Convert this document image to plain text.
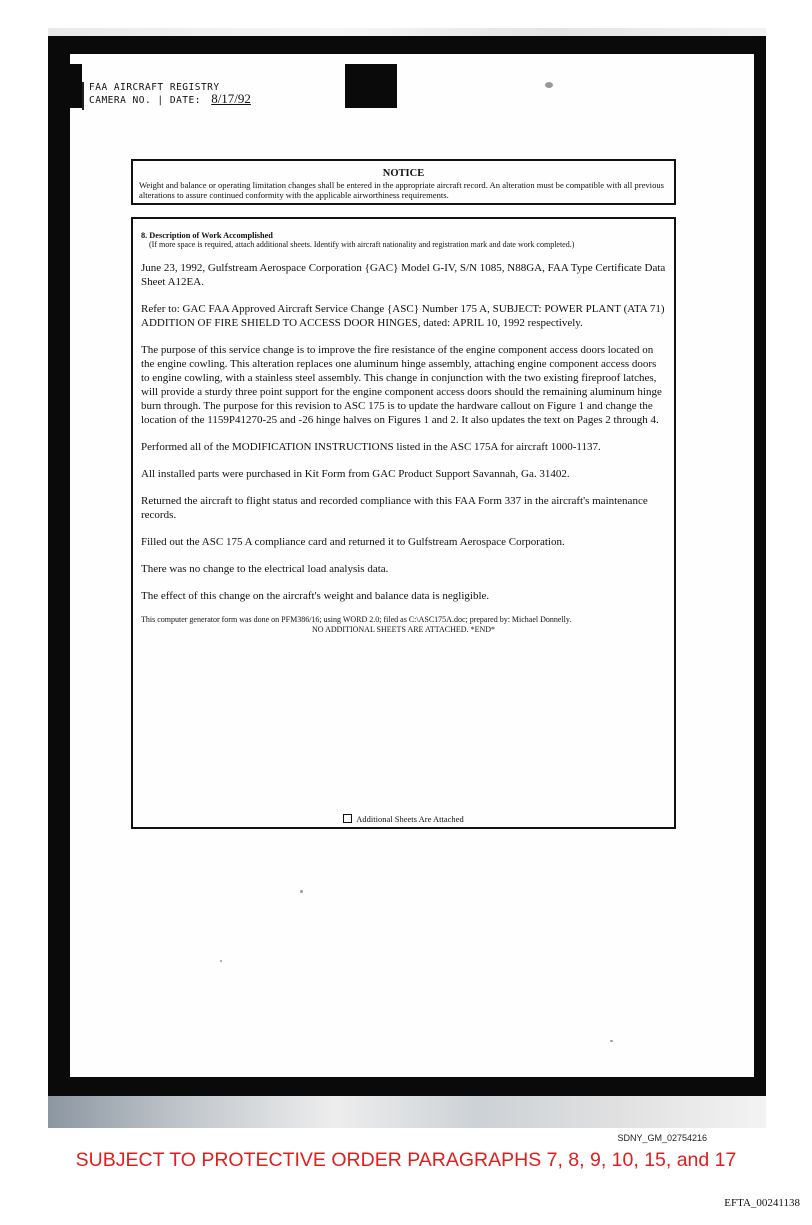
FAA AIRCRAFT REGISTRY
CAMERA NO. | DATE: 8/17/92
NOTICE
Weight and balance or operating limitation changes shall be entered in the appropriate aircraft record. An alteration must be compatible with all previous alterations to assure continued conformity with the applicable airworthiness requirements.
8. Description of Work Accomplished
(If more space is required, attach additional sheets. Identify with aircraft nationality and registration mark and date work completed.)

June 23, 1992, Gulfstream Aerospace Corporation {GAC} Model G-IV, S/N 1085, N88GA, FAA Type Certificate Data Sheet A12EA.

Refer to: GAC FAA Approved Aircraft Service Change {ASC} Number 175 A, SUBJECT: POWER PLANT (ATA 71) ADDITION OF FIRE SHIELD TO ACCESS DOOR HINGES, dated: APRIL 10, 1992 respectively.

The purpose of this service change is to improve the fire resistance of the engine component access doors located on the engine cowling. This alteration replaces one aluminum hinge assembly, attaching engine component access doors to engine cowling, with a stainless steel assembly. This change in conjunction with the two existing fireproof latches, will provide a sturdy three point support for the engine component access doors should the remaining aluminum hinge burn through. The purpose for this revision to ASC 175 is to update the hardware callout on Figure 1 and change the location of the 1159P41270-25 and -26 hinge halves on Figures 1 and 2. It also updates the text on Pages 2 through 4.

Performed all of the MODIFICATION INSTRUCTIONS listed in the ASC 175A for aircraft 1000-1137.

All installed parts were purchased in Kit Form from GAC Product Support Savannah, Ga. 31402.

Returned the aircraft to flight status and recorded compliance with this FAA Form 337 in the aircraft's maintenance records.

Filled out the ASC 175 A compliance card and returned it to Gulfstream Aerospace Corporation.

There was no change to the electrical load analysis data.

The effect of this change on the aircraft's weight and balance data is negligible.

This computer generator form was done on PFM386/16; using WORD 2.0; filed as C:\ASC175A.doc; prepared by: Michael Donnelly.
NO ADDITIONAL SHEETS ARE ATTACHED. *END*
Additional Sheets Are Attached
SDNY_GM_02754216
SUBJECT TO PROTECTIVE ORDER PARAGRAPHS 7, 8, 9, 10, 15, and 17
EFTA_00241138
